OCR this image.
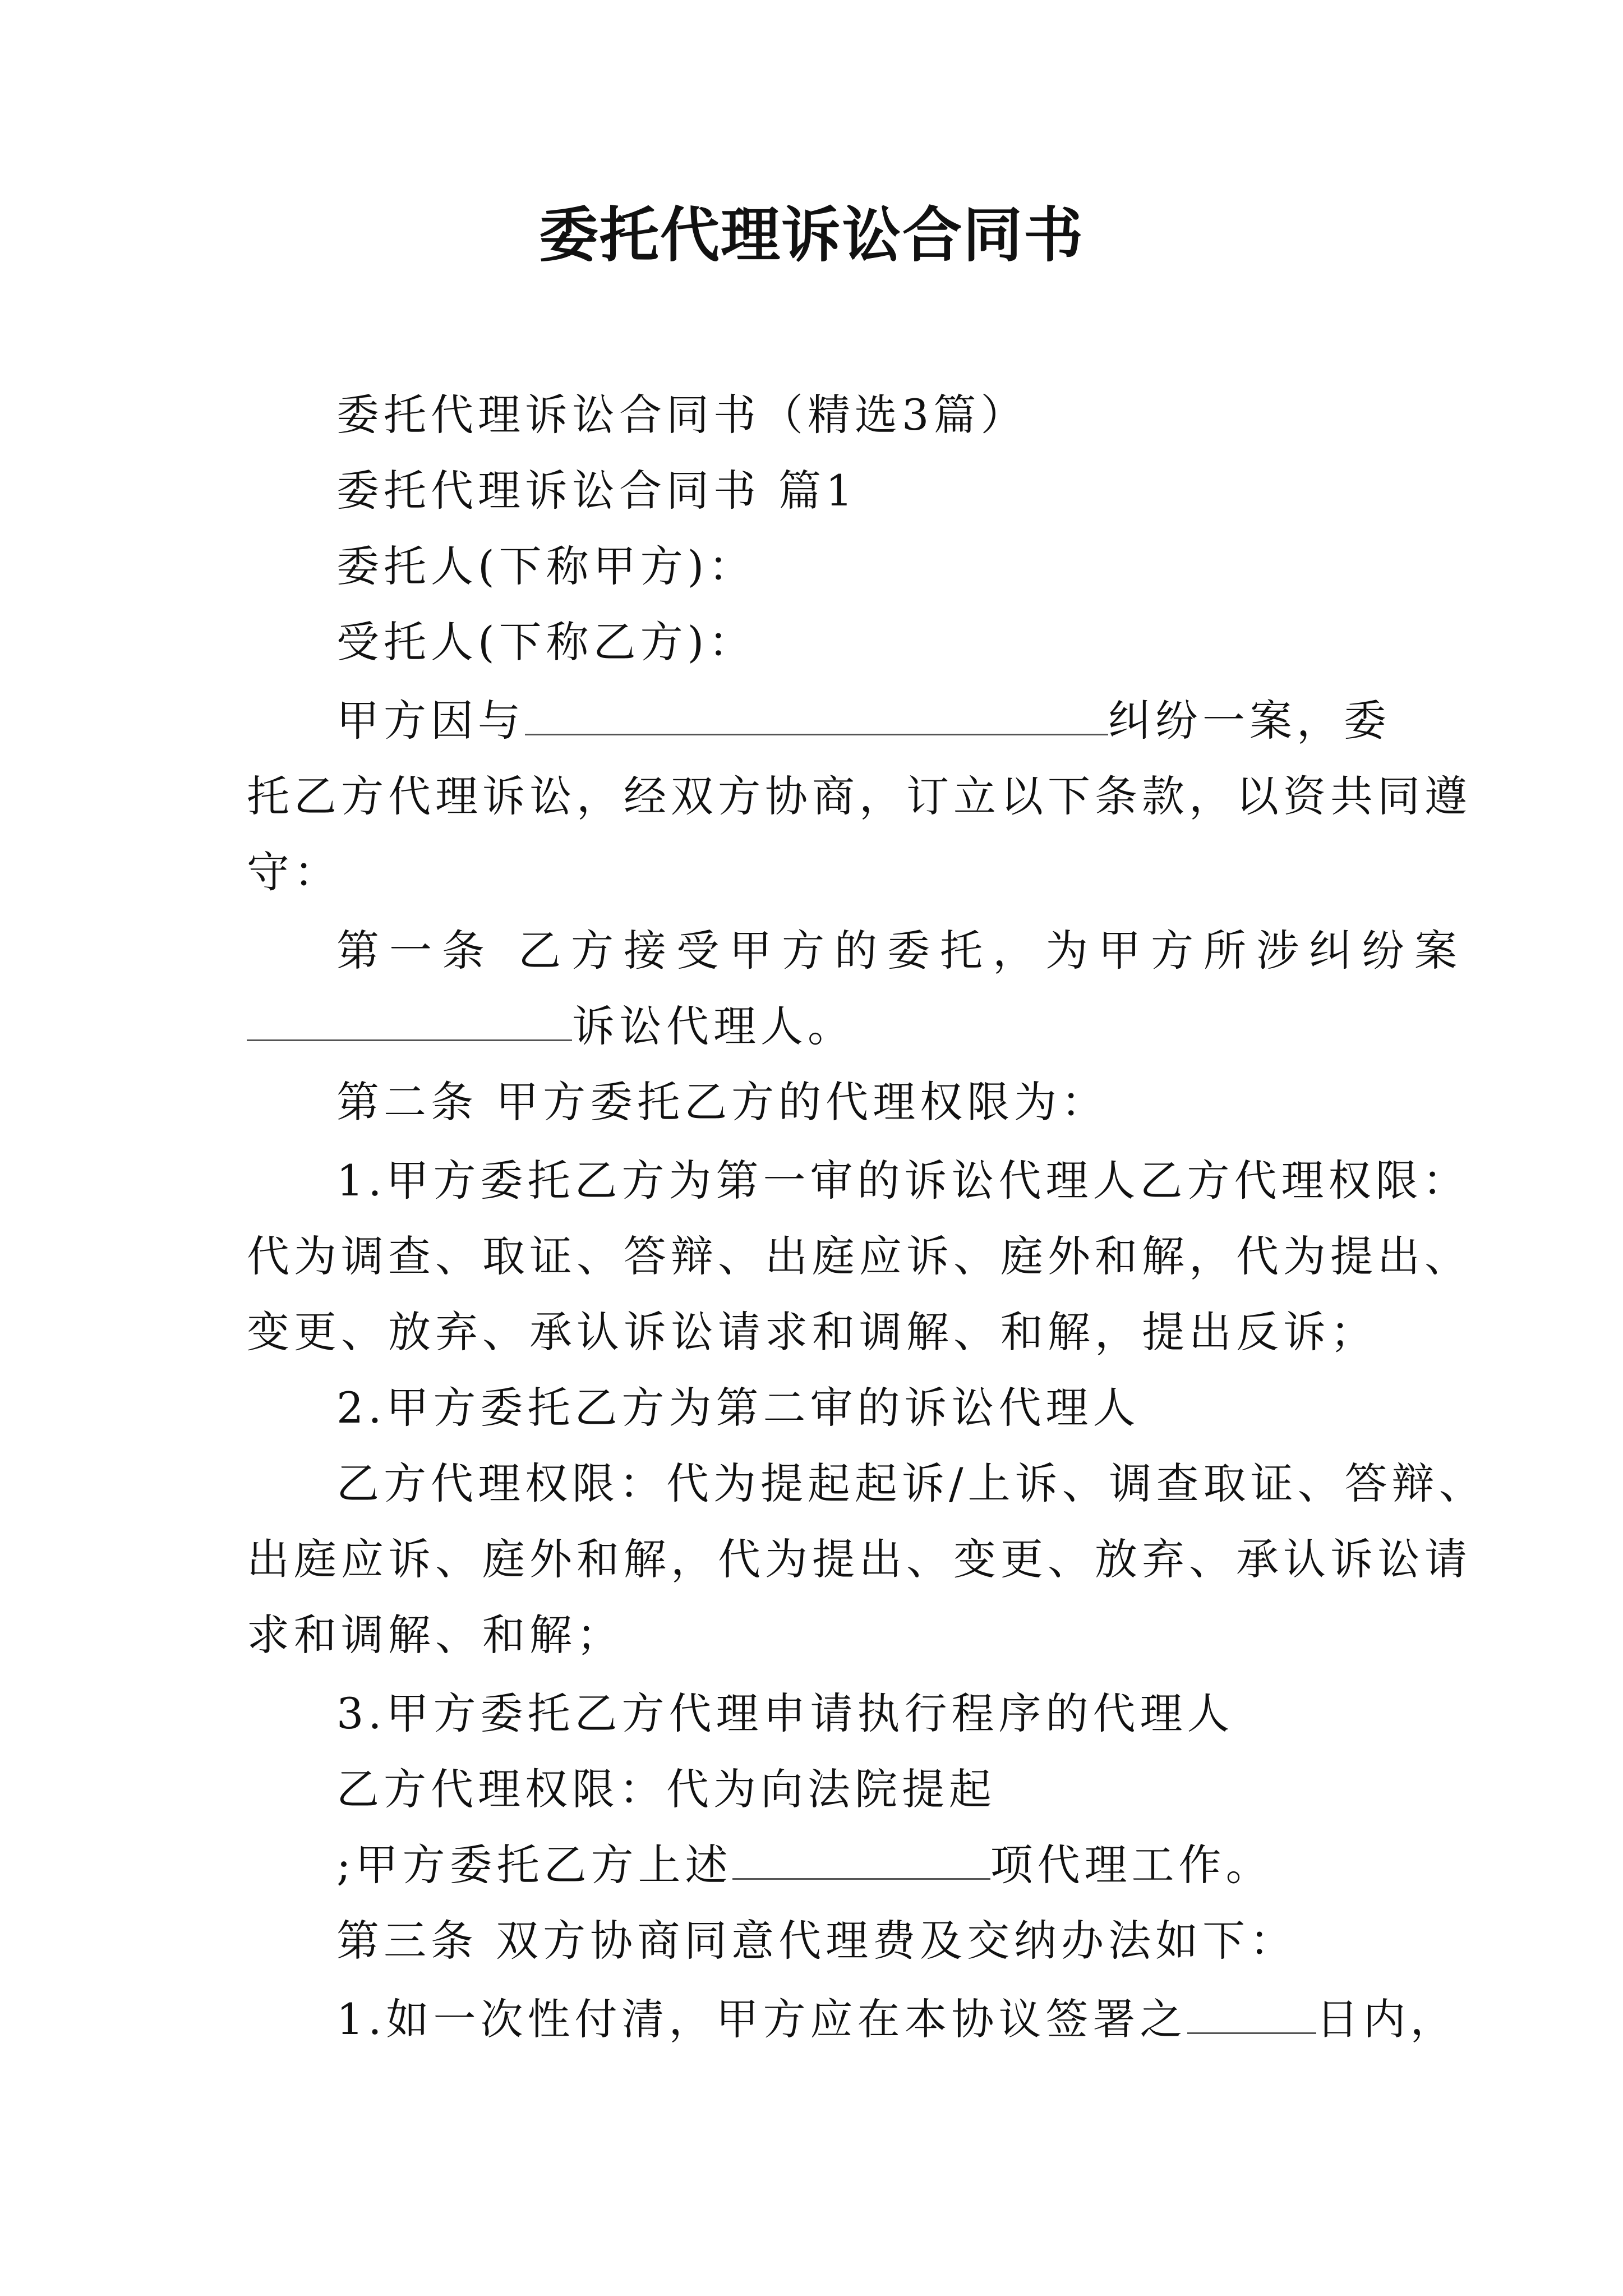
委托代理诉讼合同书
委托代理诉讼合同书（精选3篇）
委托代理诉讼合同书 篇1
委托人(下称甲方)：
受托人(下称乙方)：
甲方因与	纠纷一案，委
托乙方代理诉讼，经双方协商，订立以下条款，以资共同遵
守：
第一条 乙方接受甲方的委托，为甲方所涉纠纷案
诉讼代理人。
第二条 甲方委托乙方的代理权限为：
1.甲方委托乙方为第一审的诉讼代理人乙方代理权限：
代为调查、取证、答辩、出庭应诉、庭外和解，代为提出、
变更、放弃、承认诉讼请求和调解、和解，提出反诉；
2.甲方委托乙方为第二审的诉讼代理人
乙方代理权限：代为提起起诉/上诉、调查取证、答辩、
出庭应诉、庭外和解，代为提出、变更、放弃、承认诉讼请
求和调解、和解；
3.甲方委托乙方代理申请执行程序的代理人
乙方代理权限：代为向法院提起
;甲方委托乙方上述	项代理工作。
第三条 双方协商同意代理费及交纳办法如下：
1.如一次性付清，甲方应在本协议签署之	日内，
